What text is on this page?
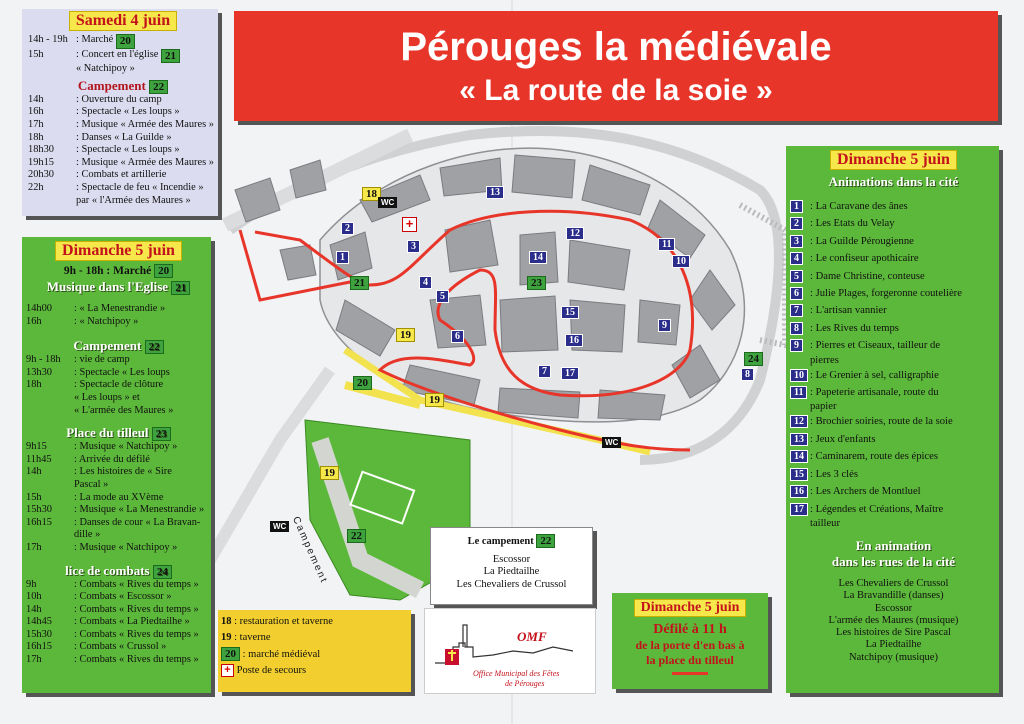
1
2
3
4
5
6
7	8
9
10
11
12
13
14
15
16
17
18
19
19
19
20
21
22
23
24
WC
WC
WC
+
Campement
Pérouges la médiévale
« La route de la soie »
Samedi 4 juin
14h - 19h : Marché
20
15h	: Concert en l'église
21
« Natchipoy »
Campement 22
14h	: Ouverture du camp
16h	: Spectacle « Les loups »
17h	: Musique « Armée des Maures »
18h	: Danses « La Guilde »
18h30	: Spectacle « Les loups »
19h15	: Musique « Armée des Maures »
20h30	: Combats et artillerie
22h	: Spectacle de feu « Incendie »
par « l'Armée des Maures »
Dimanche 5 juin
9h - 18h : Marché 20
Musique dans l'Eglise 21
14h00	: « La Menestrandie »
16h	: « Natchipoy »
Campement 22
9h - 18h	: vie de camp
13h30	: Spectacle « Les loups
18h	: Spectacle de clôture
« Les loups » et
« L'armée des Maures »
Place du tilleul 23
9h15	: Musique « Natchipoy »
11h45	: Arrivée du défilé
14h	: Les histoires de « Sire
Pascal »
15h	: La mode au XVème
15h30	: Musique « La Menestrandie »
16h15	: Danses de cour « La Bravan-
dille »
17h	: Musique « Natchipoy »
lice de combats 24
9h	: Combats « Rives du temps »
10h	: Combats « Escossor »
14h	: Combats « Rives du temps »
14h45	: Combats « La Piedtailhe »
15h30	: Combats « Rives du temps »
16h15	: Combats « Crussol »
17h	: Combats « Rives du temps »
Dimanche 5 juin
Animations dans la cité
1	: La Caravane des ânes
2	: Les Etats du Velay
3	: La Guilde Pérougienne
4	: Le confiseur apothicaire
5	: Dame Christine, conteuse
6	: Julie Plages, forgeronne coutelière
7	: L'artisan vannier
8	: Les Rives du temps
9	: Pierres et Ciseaux, tailleur de
pierres
10 : Le Grenier à sel, calligraphie
11 : Papeterie artisanale, route du
papier
12 : Brochier soiries, route de la soie
13 : Jeux d'enfants
14 : Caminarem, route des épices
15 : Les 3 clés
16 : Les Archers de Montluel
17 : Légendes et Créations, Maître
tailleur
En animation
dans les rues de la cité
Les Chevaliers de Crussol
La Bravandille (danses)
Escossor
L'armée des Maures (musique)
Les histoires de Sire Pascal
La Piedtailhe
Natchipoy (musique)
Le campement 22
Escossor
La Piedtailhe
Les Chevaliers de Crussol
Dimanche 5 juin
Défilé à 11 h
de la porte d'en bas à
la place du tilleul
18 : restauration et taverne
19 : taverne
20 : marché médiéval
+ Poste de secours
OMF
Office Municipal des Fêtes
de Pérouges
